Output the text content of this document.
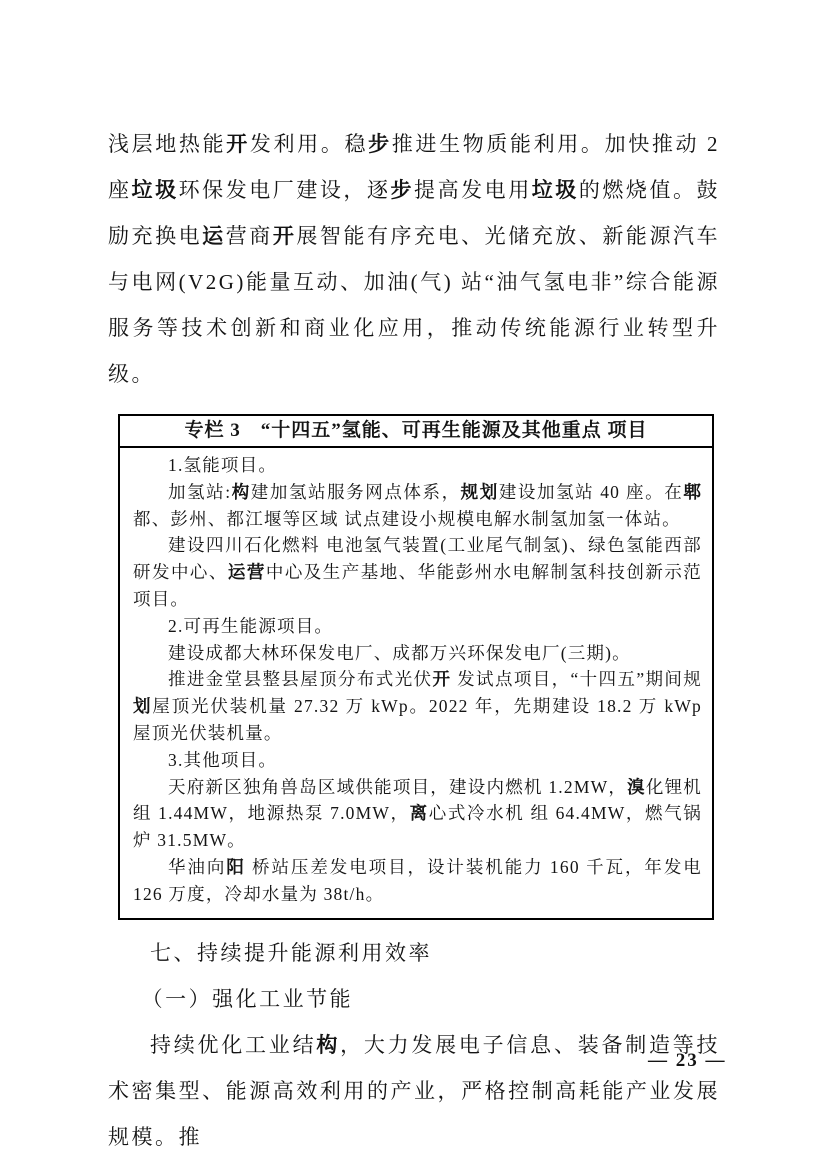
浅层地热能开发利用。稳步推进生物质能利用。加快推动 2 座垃圾环保发电厂建设，逐步提高发电用垃圾的燃烧值。鼓励充换电运营商开展智能有序充电、光储充放、新能源汽车与电网(V2G)能量互动、加油(气) 站“油气氢电非”综合能源服务等技术创新和商业化应用，推动传统能源行业转型升级。

专栏 3　“十四五”氢能、可再生能源及其他重点 项目

1.氢能项目。

加氢站:构建加氢站服务网点体系，规划建设加氢站 40 座。在郫都、彭州、都江堰等区域 试点建设小规模电解水制氢加氢一体站。

建设四川石化燃料 电池氢气装置(工业尾气制氢)、绿色氢能西部研发中心、运营中心及生产基地、华能彭州水电解制氢科技创新示范项目。

2.可再生能源项目。

建设成都大林环保发电厂、成都万兴环保发电厂(三期)。

推进金堂县整县屋顶分布式光伏开 发试点项目，“十四五”期间规划屋顶光伏装机量 27.32 万 kWp。2022 年，先期建设 18.2 万 kWp 屋顶光伏装机量。

3.其他项目。

天府新区独角兽岛区域供能项目，建设内燃机 1.2MW，溴化锂机组 1.44MW，地源热泵 7.0MW，离心式冷水机 组 64.4MW，燃气锅炉 31.5MW。

华油向阳 桥站压差发电项目，设计装机能力 160 千瓦，年发电 126 万度，冷却水量为 38t/h。

七、持续提升能源利用效率

（一）强化工业节能

持续优化工业结构，大力发展电子信息、装备制造等技术密集型、能源高效利用的产业，严格控制高耗能产业发展规模。推

— 23 —
